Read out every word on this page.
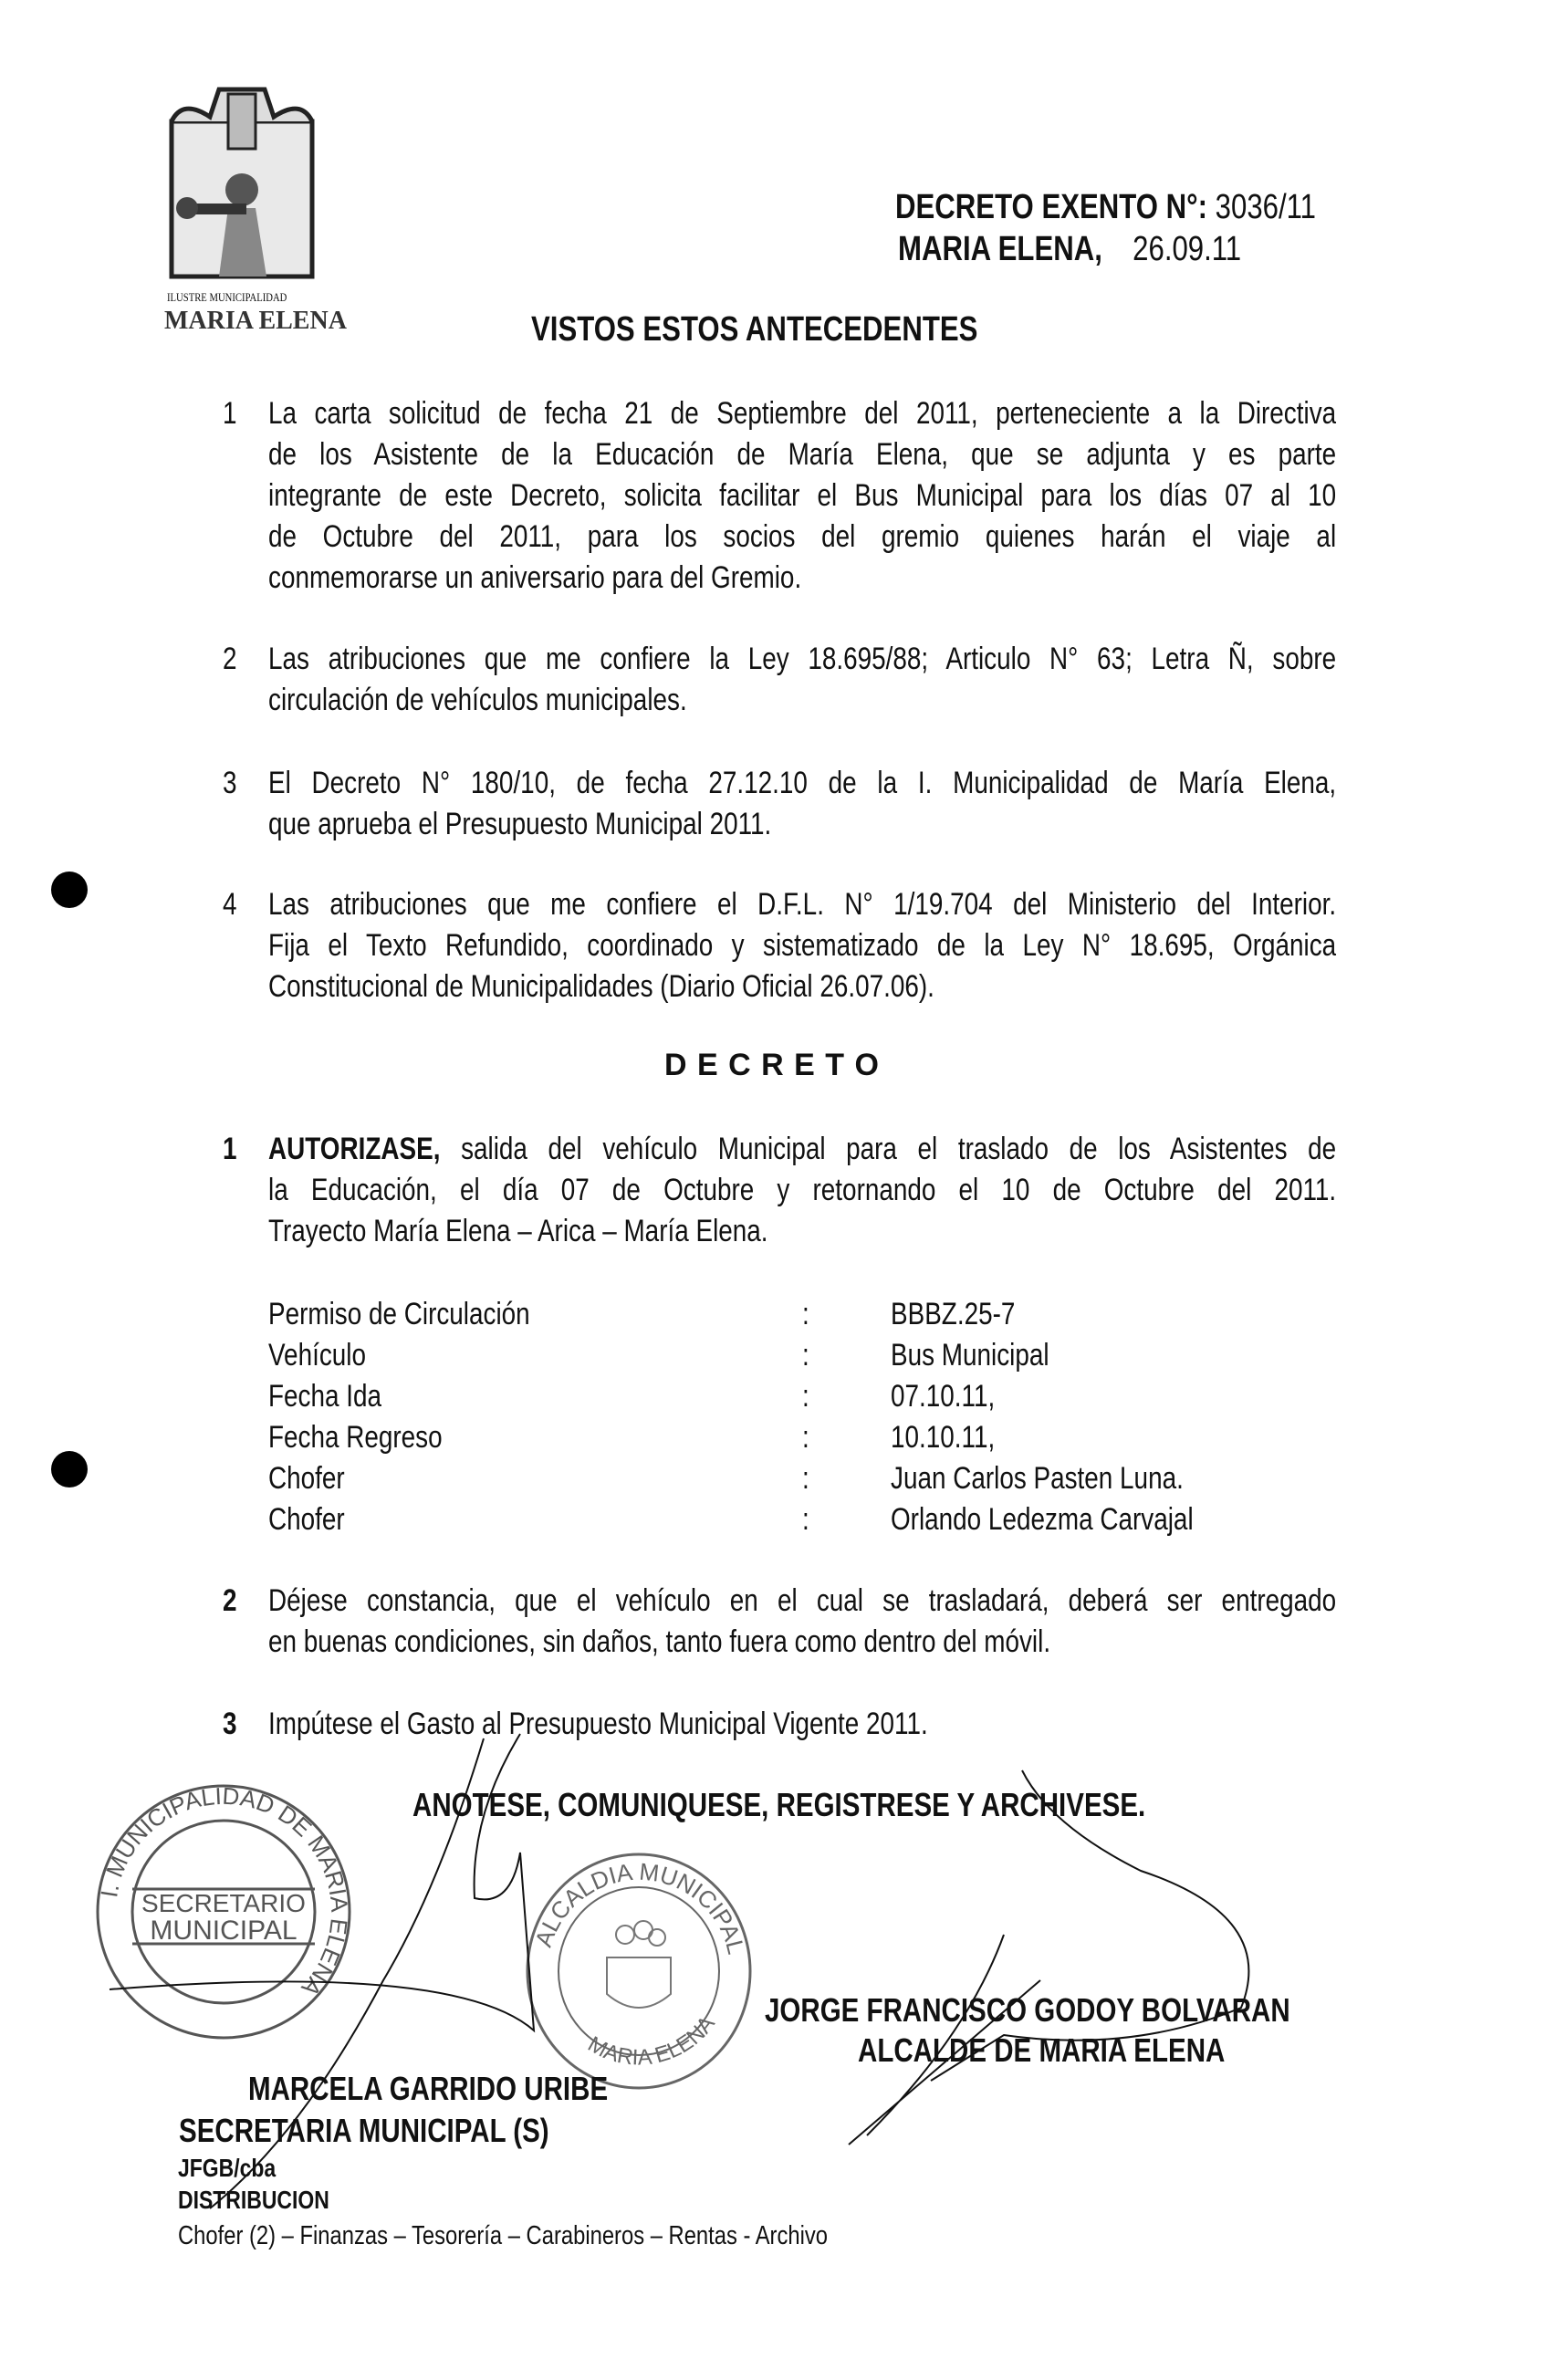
ILUSTRE MUNICIPALIDAD
MARIA ELENA
DECRETO EXENTO N°: 3036/11
MARIA ELENA, 26.09.11
VISTOS ESTOS ANTECEDENTES
1 La carta solicitud de fecha 21 de Septiembre del 2011, perteneciente a la Directiva
de los Asistente de la Educación de María Elena, que se adjunta y es parte
integrante de este Decreto, solicita facilitar el Bus Municipal para los días 07 al 10
de Octubre del 2011, para los socios del gremio quienes harán el viaje al
conmemorarse un aniversario para del Gremio.
2 Las atribuciones que me confiere la Ley 18.695/88; Articulo N° 63; Letra Ñ, sobre
circulación de vehículos municipales.
3 El Decreto N° 180/10, de fecha 27.12.10 de la I. Municipalidad de María Elena,
que aprueba el Presupuesto Municipal 2011.
4 Las atribuciones que me confiere el D.F.L. N° 1/19.704 del Ministerio del Interior.
Fija el Texto Refundido, coordinado y sistematizado de la Ley N° 18.695, Orgánica
Constitucional de Municipalidades (Diario Oficial 26.07.06).
D E C R E T O
1 AUTORIZASE, salida del vehículo Municipal para el traslado de los Asistentes de
la Educación, el día 07 de Octubre y retornando el 10 de Octubre del 2011.
Trayecto María Elena – Arica – María Elena.
Permiso de Circulación
Vehículo
Fecha Ida
Fecha Regreso
Chofer
Chofer
:
:
:
:
:
:
BBBZ.25-7
Bus Municipal
07.10.11,
10.10.11,
Juan Carlos Pasten Luna.
Orlando Ledezma Carvajal
2 Déjese constancia, que el vehículo en el cual se trasladará, deberá ser entregado
en buenas condiciones, sin daños, tanto fuera como dentro del móvil.
3 Impútese el Gasto al Presupuesto Municipal Vigente 2011.
ANOTESE, COMUNIQUESE, REGISTRESE Y ARCHIVESE.
I. MUNICIPALIDAD DE MARIA ELENA
SECRETARIO
MUNICIPAL	ALCALDIA MUNICIPAL
MARIA ELENA JORGE FRANCISCO GODOY BOLVARAN
ALCALDE DE MARIA ELENA
MARCELA GARRIDO URIBE
SECRETARIA MUNICIPAL (S)
JFGB/cba
DISTRIBUCION
Chofer (2) – Finanzas – Tesorería – Carabineros – Rentas - Archivo
